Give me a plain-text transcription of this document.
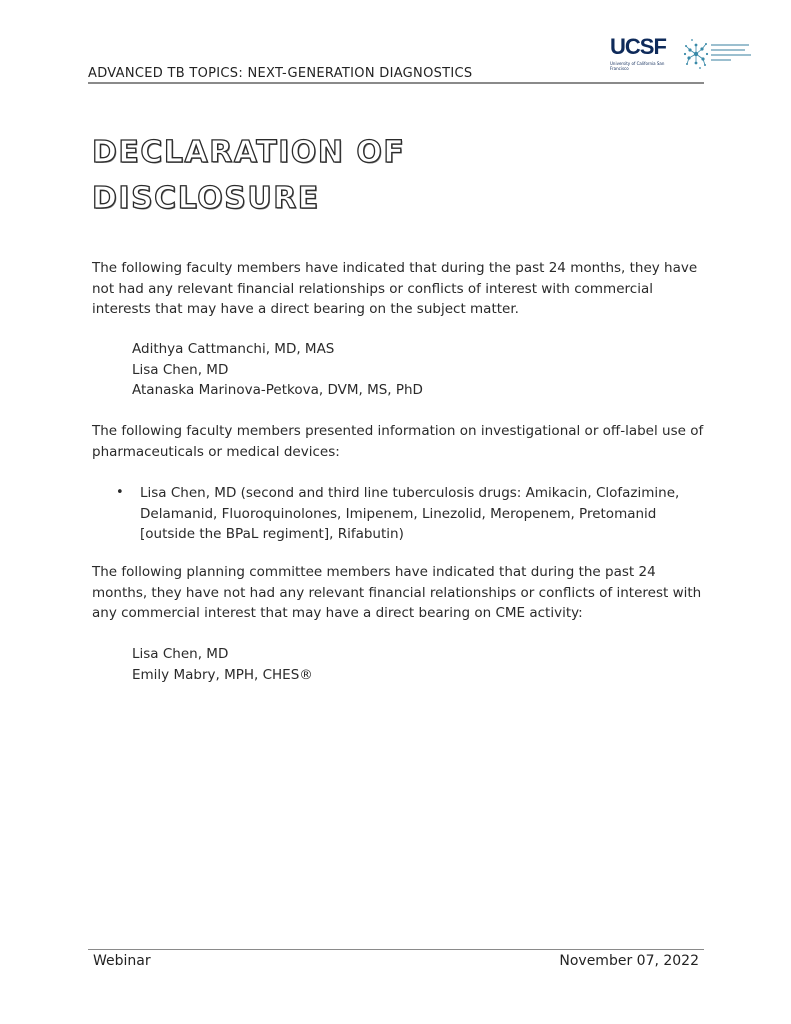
ADVANCED TB TOPICS: NEXT-GENERATION DIAGNOSTICS
UCSF
University of California San Francisco
DECLARATION OF
DISCLOSURE

The following faculty members have indicated that during the past 24 months, they have not had any relevant financial relationships or conflicts of interest with commercial interests that may have a direct bearing on the subject matter.

Adithya Cattmanchi, MD, MAS
Lisa Chen, MD
Atanaska Marinova-Petkova, DVM, MS, PhD

The following faculty members presented information on investigational or off-label use of pharmaceuticals or medical devices:

• Lisa Chen, MD (second and third line tuberculosis drugs: Amikacin, Clofazimine, Delamanid, Fluoroquinolones, Imipenem, Linezolid, Meropenem, Pretomanid [outside the BPaL regiment], Rifabutin)

The following planning committee members have indicated that during the past 24 months, they have not had any relevant financial relationships or conflicts of interest with any commercial interest that may have a direct bearing on CME activity:

Lisa Chen, MD
Emily Mabry, MPH, CHES®
Webinar	November 07, 2022
